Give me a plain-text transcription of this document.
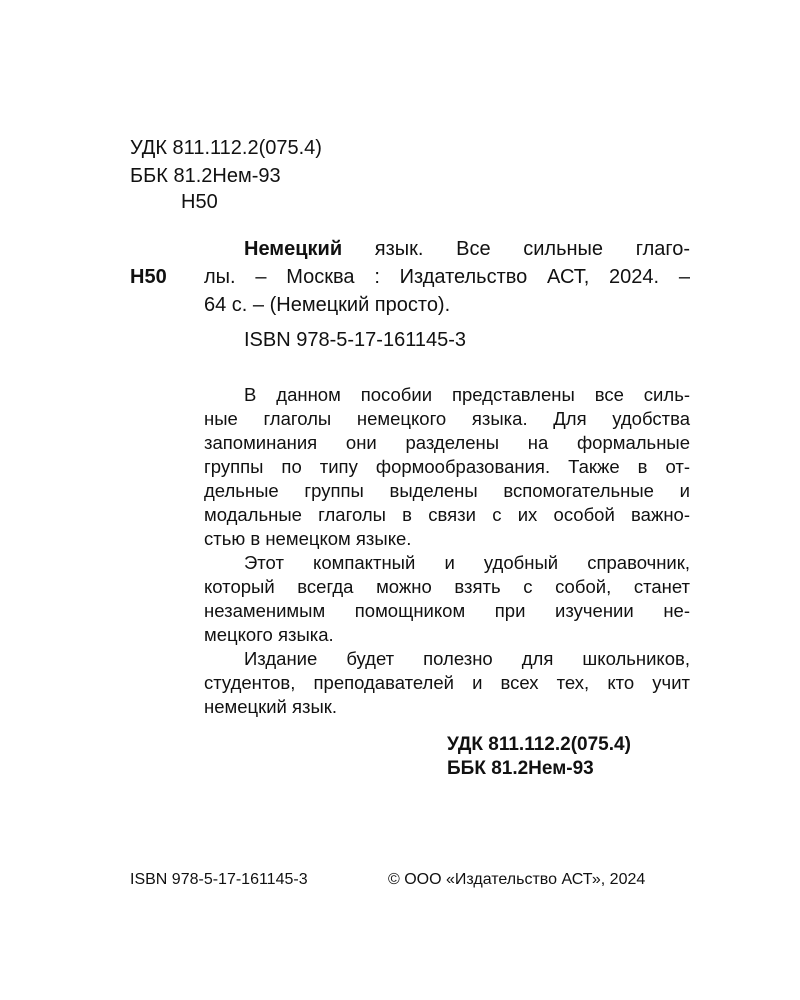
УДК 811.112.2(075.4)
ББК 81.2Нем-93
Н50
Н50
Немецкий язык. Все сильные глаго-
лы. – Москва : Издательство АСТ, 2024. –
64 с. – (Немецкий просто).
ISBN 978-5-17-161145-3
В данном пособии представлены все силь-
ные глаголы немецкого языка. Для удобства
запоминания они разделены на формальные
группы по типу формообразования. Также в от-
дельные группы выделены вспомогательные и
модальные глаголы в связи с их особой важно-
стью в немецком языке.
Этот компактный и удобный справочник,
который всегда можно взять с собой, станет
незаменимым помощником при изучении не-
мецкого языка.
Издание будет полезно для школьников,
студентов, преподавателей и всех тех, кто учит
немецкий язык.
УДК 811.112.2(075.4)
ББК 81.2Нем-93
ISBN 978-5-17-161145-3	© ООО «Издательство АСТ», 2024
